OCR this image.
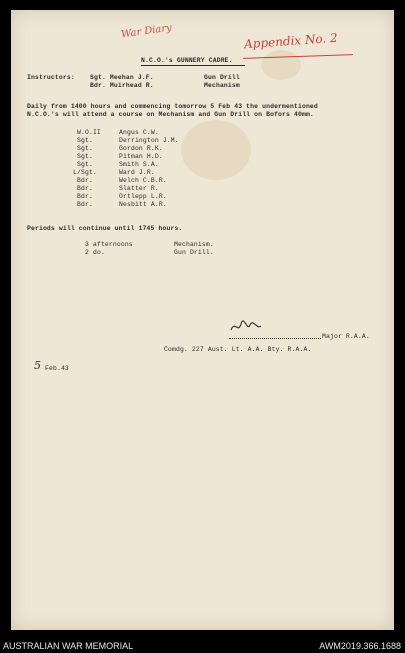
War Diary	Appendix No. 2
N.C.O.'s GUNNERY CADRE.
Instructors: Sgt. Meehan J.F.	Gun Drill
Bdr. Muirhead R.	Mechanism
Daily from 1400 hours and commencing tomorrow 5 Feb 43 the undermentioned
N.C.O.'s will attend a course on Mechanism and Gun Drill on Bofors 40mm.
W.O.II	Angus C.W.
Sgt.	Derrington J.M.
Sgt.	Gordon R.K.
Sgt.	Pitman H.D.
Sgt.	Smith S.A.
L/Sgt.	Ward J.R.
Bdr.	Welch C.B.R.
Bdr.	Slatter R.
Bdr.	Ortlepp L.R.
Bdr.	Nesbitt A.R.
Periods will continue until 1745 hours.
3 afternoons	Mechanism.
2 do.	Gun Drill.
Major R.A.A.
Comdg. 227 Aust. Lt. A.A. Bty. R.A.A.
5 Feb.43
AUSTRALIAN WAR MEMORIAL	AWM2019.366.1688
